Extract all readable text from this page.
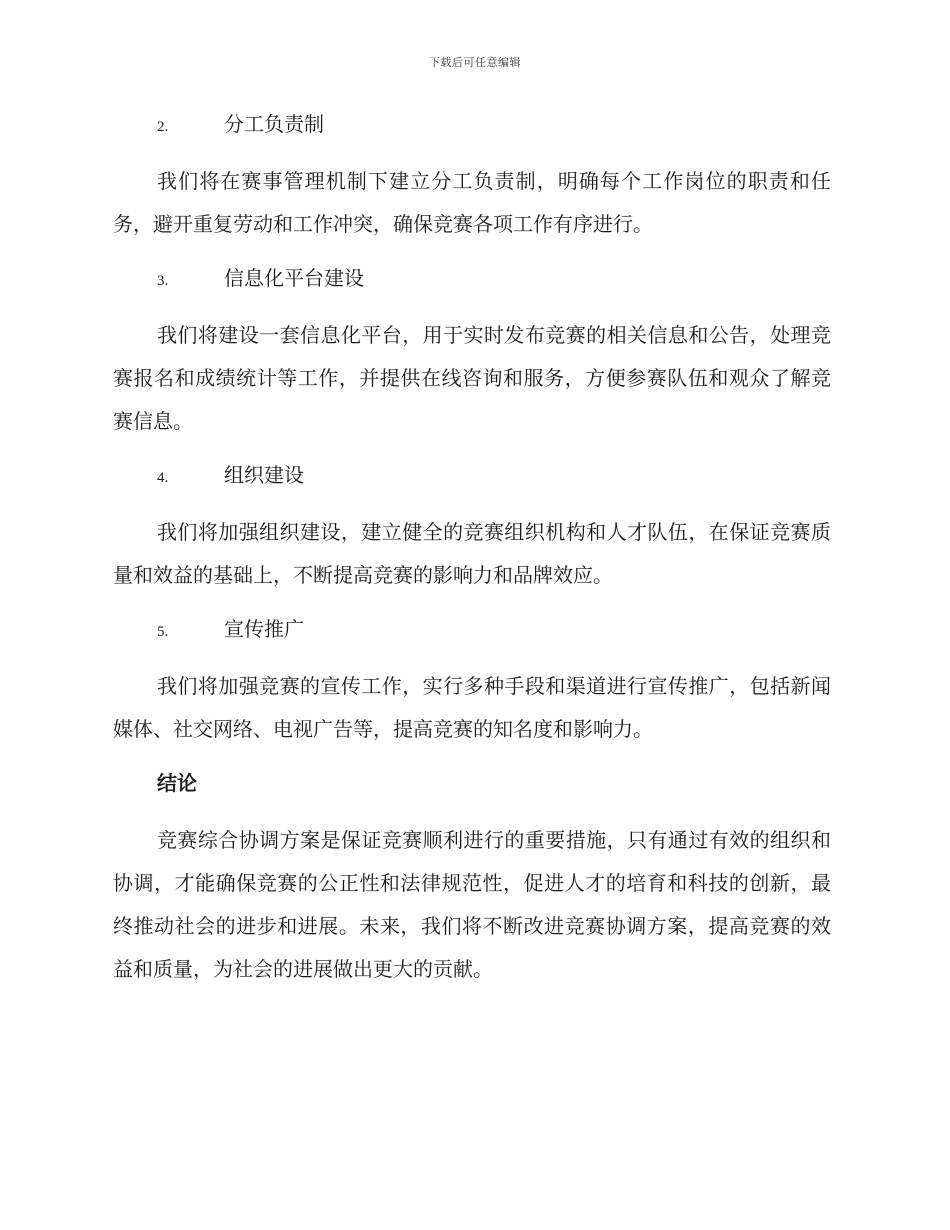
下载后可任意编辑
2.	分工负责制

我们将在赛事管理机制下建立分工负责制，明确每个工作岗位的职责和任务，避开重复劳动和工作冲突，确保竞赛各项工作有序进行。

3.	信息化平台建设

我们将建设一套信息化平台，用于实时发布竞赛的相关信息和公告，处理竞赛报名和成绩统计等工作，并提供在线咨询和服务，方便参赛队伍和观众了解竞赛信息。

4.	组织建设

我们将加强组织建设，建立健全的竞赛组织机构和人才队伍，在保证竞赛质量和效益的基础上，不断提高竞赛的影响力和品牌效应。

5.	宣传推广

我们将加强竞赛的宣传工作，实行多种手段和渠道进行宣传推广，包括新闻媒体、社交网络、电视广告等，提高竞赛的知名度和影响力。

结论

竞赛综合协调方案是保证竞赛顺利进行的重要措施，只有通过有效的组织和协调，才能确保竞赛的公正性和法律规范性，促进人才的培育和科技的创新，最终推动社会的进步和进展。未来，我们将不断改进竞赛协调方案，提高竞赛的效益和质量，为社会的进展做出更大的贡献。
